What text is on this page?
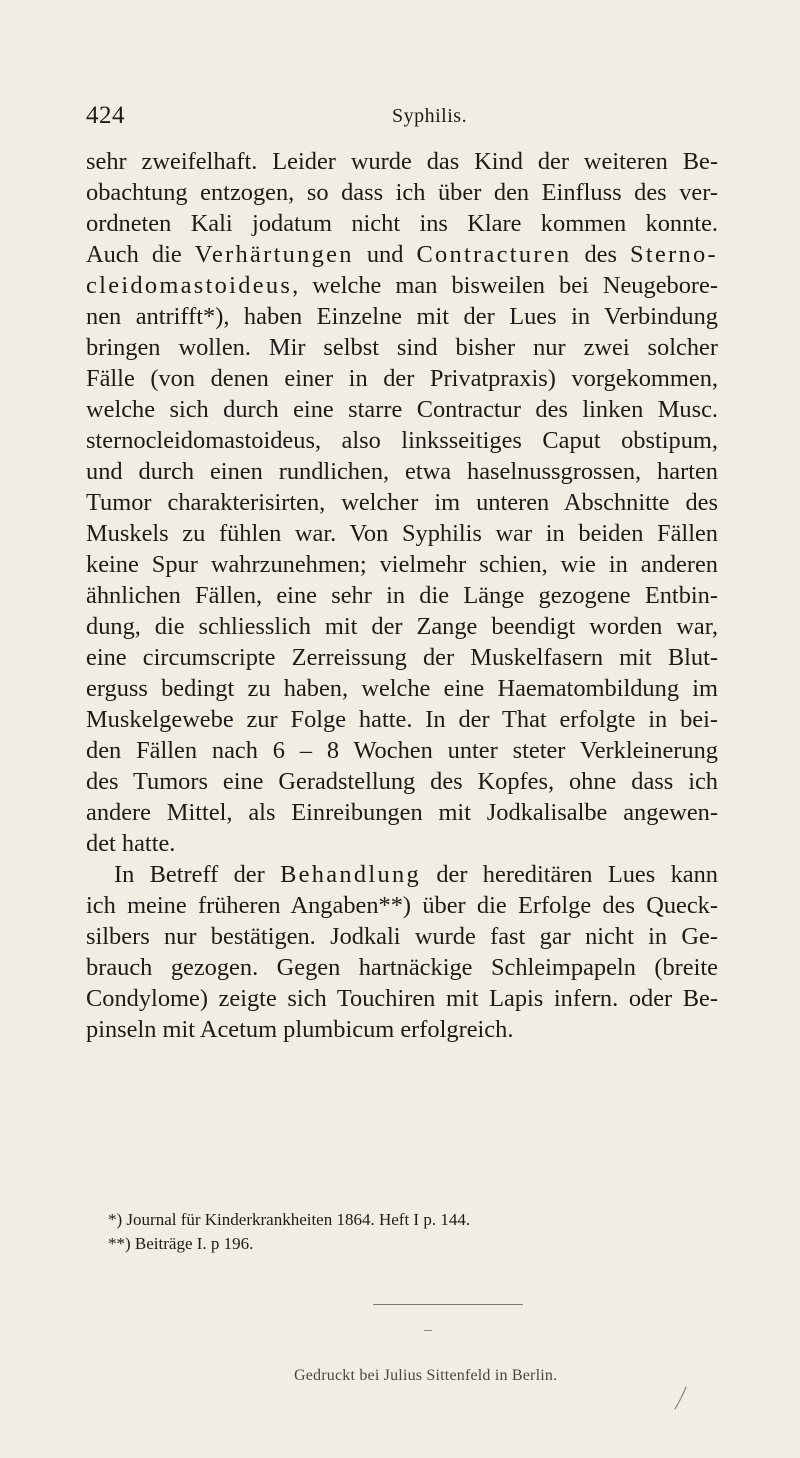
424	Syphilis.
sehr zweifelhaft. Leider wurde das Kind der weiteren Be-
obachtung entzogen, so dass ich über den Einfluss des ver-
ordneten Kali jodatum nicht ins Klare kommen konnte.
Auch die Verhärtungen und Contracturen des Sterno-
cleidomastoideus, welche man bisweilen bei Neugebore-
nen antrifft*), haben Einzelne mit der Lues in Verbindung
bringen wollen. Mir selbst sind bisher nur zwei solcher
Fälle (von denen einer in der Privatpraxis) vorgekommen,
welche sich durch eine starre Contractur des linken Musc.
sternocleidomastoideus, also linksseitiges Caput obstipum,
und durch einen rundlichen, etwa haselnussgrossen, harten
Tumor charakterisirten, welcher im unteren Abschnitte des
Muskels zu fühlen war. Von Syphilis war in beiden Fällen
keine Spur wahrzunehmen; vielmehr schien, wie in anderen
ähnlichen Fällen, eine sehr in die Länge gezogene Entbin-
dung, die schliesslich mit der Zange beendigt worden war,
eine circumscripte Zerreissung der Muskelfasern mit Blut-
erguss bedingt zu haben, welche eine Haematombildung im
Muskelgewebe zur Folge hatte. In der That erfolgte in bei-
den Fällen nach 6 – 8 Wochen unter steter Verkleinerung
des Tumors eine Geradstellung des Kopfes, ohne dass ich
andere Mittel, als Einreibungen mit Jodkalisalbe angewen-
det hatte.
In Betreff der Behandlung der hereditären Lues kann
ich meine früheren Angaben**) über die Erfolge des Queck-
silbers nur bestätigen. Jodkali wurde fast gar nicht in Ge-
brauch gezogen. Gegen hartnäckige Schleimpapeln (breite
Condylome) zeigte sich Touchiren mit Lapis infern. oder Be-
pinseln mit Acetum plumbicum erfolgreich.
*) Journal für Kinderkrankheiten 1864. Heft I p. 144.
**) Beiträge I. p 196.
Gedruckt bei Julius Sittenfeld in Berlin.
